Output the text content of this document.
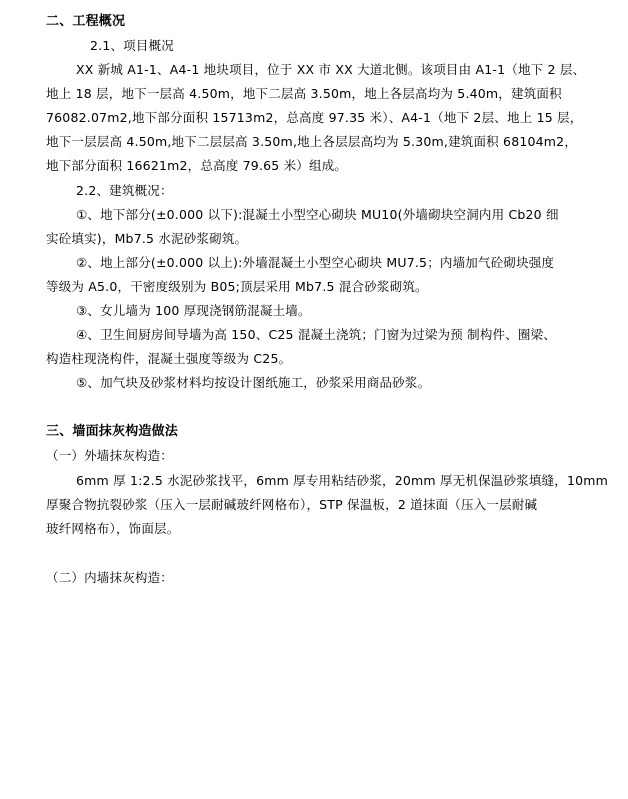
二、工程概况
2.1、项目概况
XX 新城 A1-1、A4-1 地块项目，位于 XX 市 XX 大道北侧。该项目由 A1-1（地下 2 层、
地上 18 层，地下一层高 4.50m，地下二层高 3.50m，地上各层高均为 5.40m，建筑面积
76082.07m2,地下部分面积 15713m2，总高度 97.35 米）、A4-1（地下 2层、地上 15 层，
地下一层层高 4.50m,地下二层层高 3.50m,地上各层层高均为 5.30m,建筑面积 68104m2，
地下部分面积 16621m2，总高度 79.65 米）组成。
2.2、建筑概况：
①、地下部分(±0.000 以下):混凝土小型空心砌块 MU10(外墙砌块空洞内用 Cb20 细
实砼填实)，Mb7.5 水泥砂浆砌筑。
②、地上部分(±0.000 以上):外墙混凝土小型空心砌块 MU7.5；内墙加气砼砌块强度
等级为 A5.0，干密度级别为 B05;顶层采用 Mb7.5 混合砂浆砌筑。
③、女儿墙为 100 厚现浇钢筋混凝土墙。
④、卫生间厨房间导墙为高 150、C25 混凝土浇筑；门窗为过梁为预 制构件、圈梁、
构造柱现浇构件，混凝土强度等级为 C25。
⑤、加气块及砂浆材料均按设计图纸施工，砂浆采用商品砂浆。
三、墙面抹灰构造做法
（一）外墙抹灰构造：
6mm 厚 1:2.5 水泥砂浆找平，6mm 厚专用粘结砂浆，20mm 厚无机保温砂浆填缝，10mm
厚聚合物抗裂砂浆（压入一层耐碱玻纤网格布），STP 保温板，2 道抹面（压入一层耐碱
玻纤网格布），饰面层。
（二）内墙抹灰构造：
